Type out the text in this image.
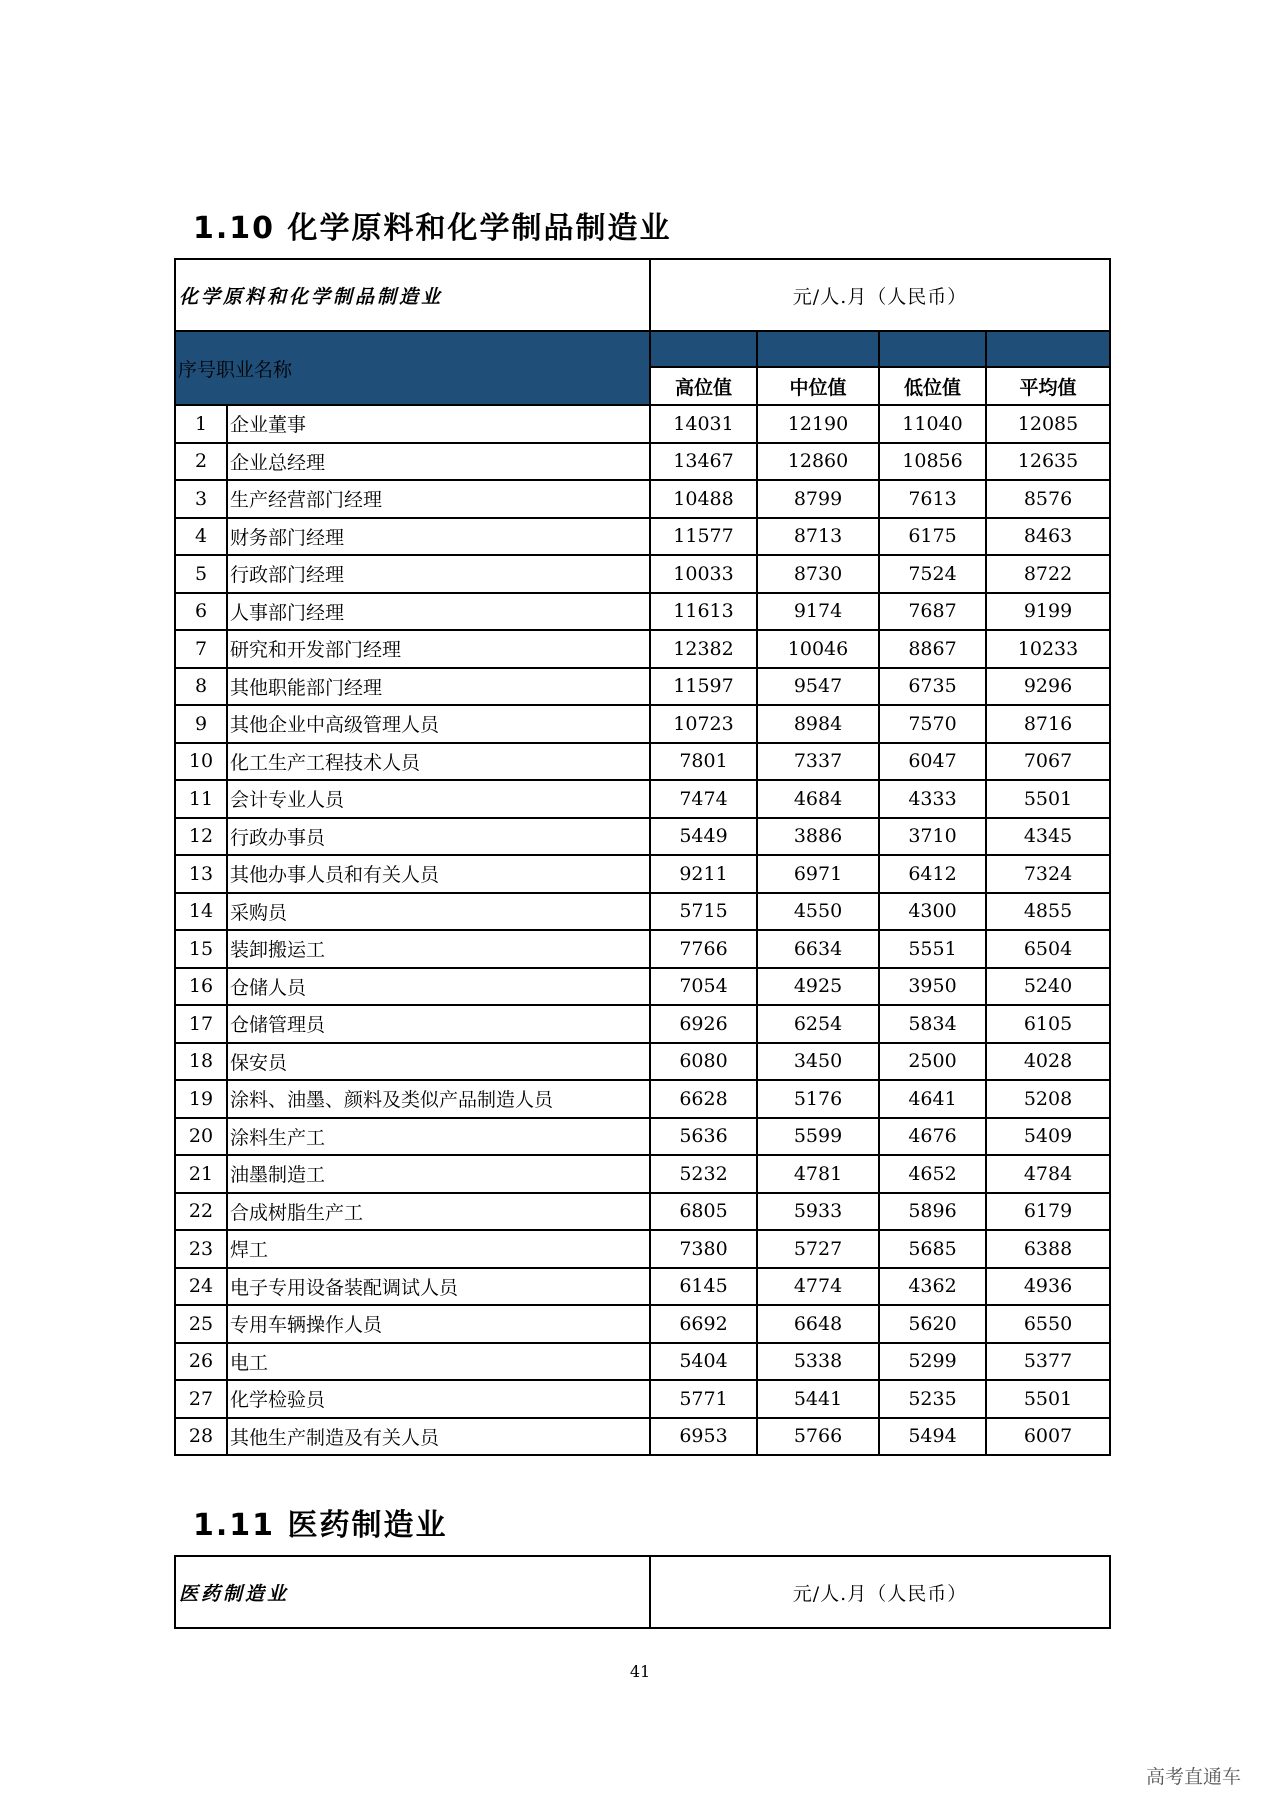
1.10 化学原料和化学制品制造业
化学原料和化学制品制造业		元/人.月（人民币）			
序号职业名称					
		高位值	中位值	低位值	平均值
1	企业董事	14031	12190	11040	12085
2	企业总经理	13467	12860	10856	12635
3	生产经营部门经理	10488	8799	7613	8576
4	财务部门经理	11577	8713	6175	8463
5	行政部门经理	10033	8730	7524	8722
6	人事部门经理	11613	9174	7687	9199
7	研究和开发部门经理	12382	10046	8867	10233
8	其他职能部门经理	11597	9547	6735	9296
9	其他企业中高级管理人员	10723	8984	7570	8716
10	化工生产工程技术人员	7801	7337	6047	7067
11	会计专业人员	7474	4684	4333	5501
12	行政办事员	5449	3886	3710	4345
13	其他办事人员和有关人员	9211	6971	6412	7324
14	采购员	5715	4550	4300	4855
15	装卸搬运工	7766	6634	5551	6504
16	仓储人员	7054	4925	3950	5240
17	仓储管理员	6926	6254	5834	6105
18	保安员	6080	3450	2500	4028
19	涂料、油墨、颜料及类似产品制造人员	6628	5176	4641	5208
20	涂料生产工	5636	5599	4676	5409
21	油墨制造工	5232	4781	4652	4784
22	合成树脂生产工	6805	5933	5896	6179
23	焊工	7380	5727	5685	6388
24	电子专用设备装配调试人员	6145	4774	4362	4936
25	专用车辆操作人员	6692	6648	5620	6550
26	电工	5404	5338	5299	5377
27	化学检验员	5771	5441	5235	5501
28	其他生产制造及有关人员	6953	5766	5494	6007
1.11 医药制造业
医药制造业	元/人.月（人民币）
41
高考直通车
